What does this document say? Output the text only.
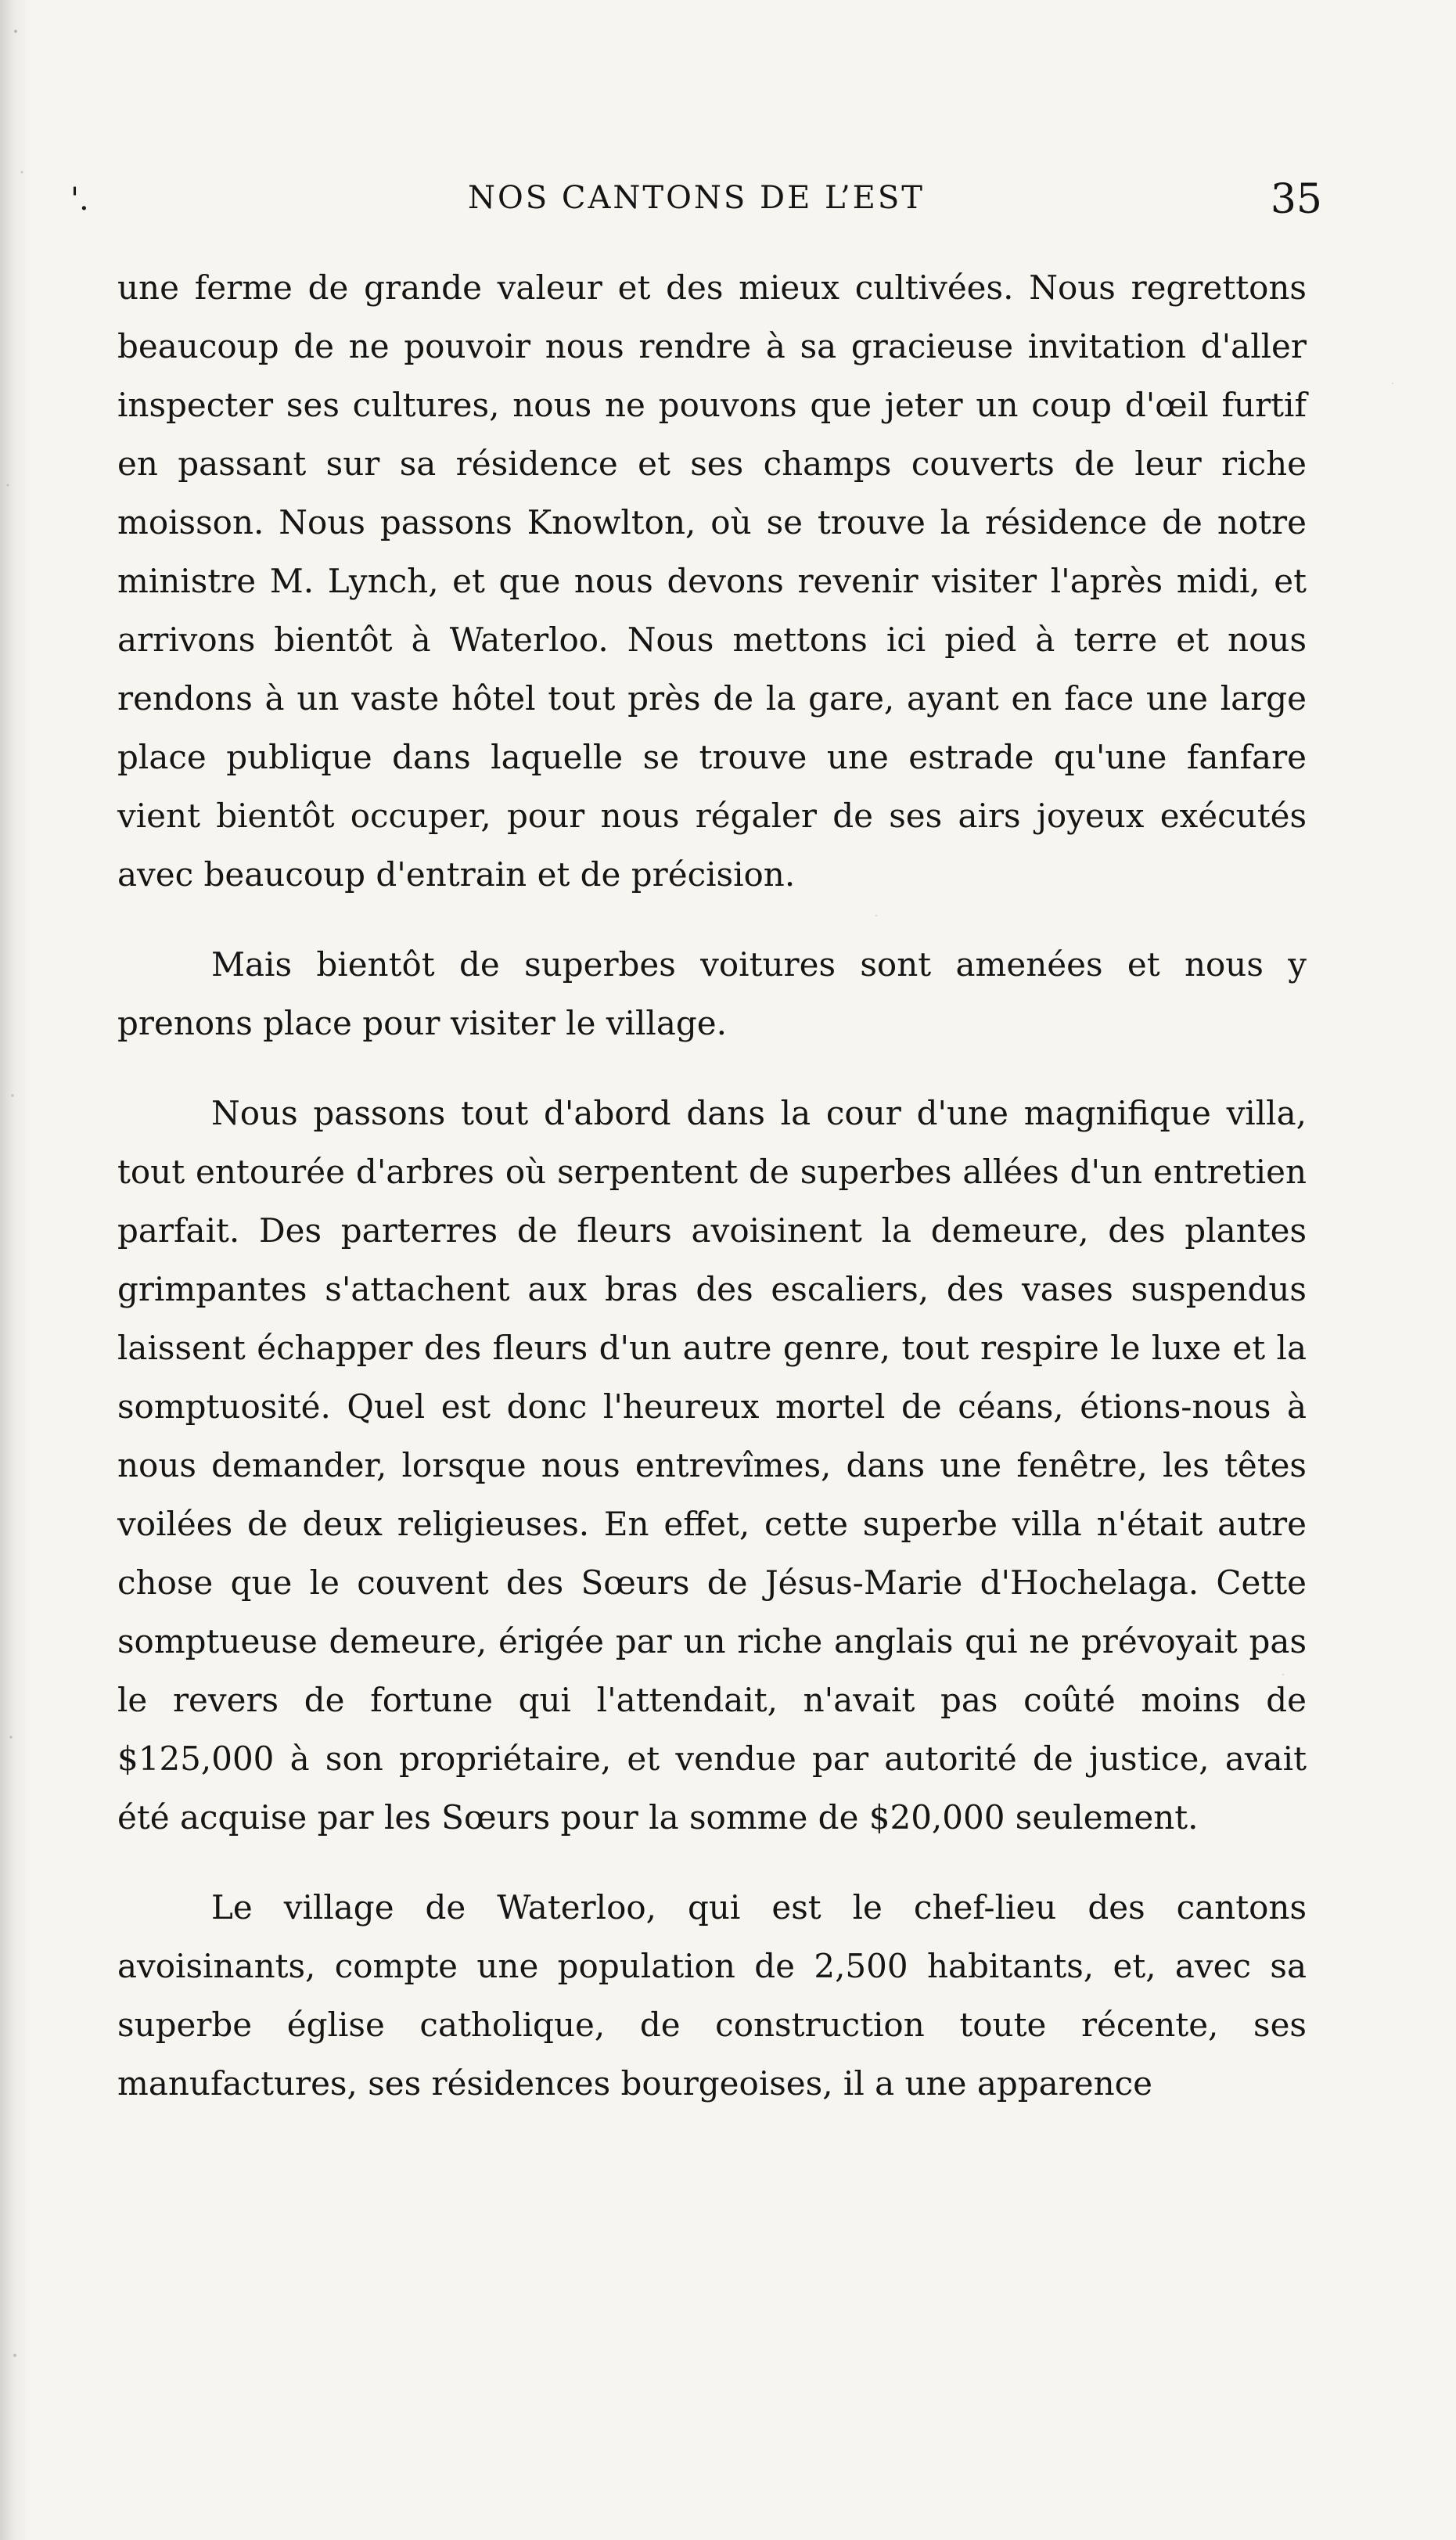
'.	NOS CANTONS DE L’EST	35

une ferme de grande valeur et des mieux cultivées. Nous regrettons beaucoup de ne pouvoir nous rendre à sa gracieuse invitation d'aller inspecter ses cultures, nous ne pouvons que jeter un coup d'œil furtif en passant sur sa résidence et ses champs couverts de leur riche moisson. Nous passons Knowlton, où se trouve la résidence de notre ministre M. Lynch, et que nous devons revenir visiter l'après midi, et arrivons bientôt à Waterloo. Nous mettons ici pied à terre et nous rendons à un vaste hôtel tout près de la gare, ayant en face une large place publique dans laquelle se trouve une estrade qu'une fanfare vient bientôt occuper, pour nous régaler de ses airs joyeux exécutés avec beaucoup d'entrain et de précision.

Mais bientôt de superbes voitures sont amenées et nous y prenons place pour visiter le village.

Nous passons tout d'abord dans la cour d'une magnifique villa, tout entourée d'arbres où serpentent de superbes allées d'un entretien parfait. Des parterres de fleurs avoisinent la demeure, des plantes grimpantes s'attachent aux bras des escaliers, des vases suspendus laissent échapper des fleurs d'un autre genre, tout respire le luxe et la somptuosité. Quel est donc l'heureux mortel de céans, étions-nous à nous demander, lorsque nous entrevîmes, dans une fenêtre, les têtes voilées de deux religieuses. En effet, cette superbe villa n'était autre chose que le couvent des Sœurs de Jésus-Marie d'Hochelaga. Cette somptueuse demeure, érigée par un riche anglais qui ne prévoyait pas le revers de fortune qui l'attendait, n'avait pas coûté moins de $125,000 à son propriétaire, et vendue par autorité de justice, avait été acquise par les Sœurs pour la somme de $20,000 seulement.

Le village de Waterloo, qui est le chef-lieu des cantons avoisinants, compte une population de 2,500 habitants, et, avec sa superbe église catholique, de construction toute récente, ses manufactures, ses résidences bourgeoises, il a une apparence
